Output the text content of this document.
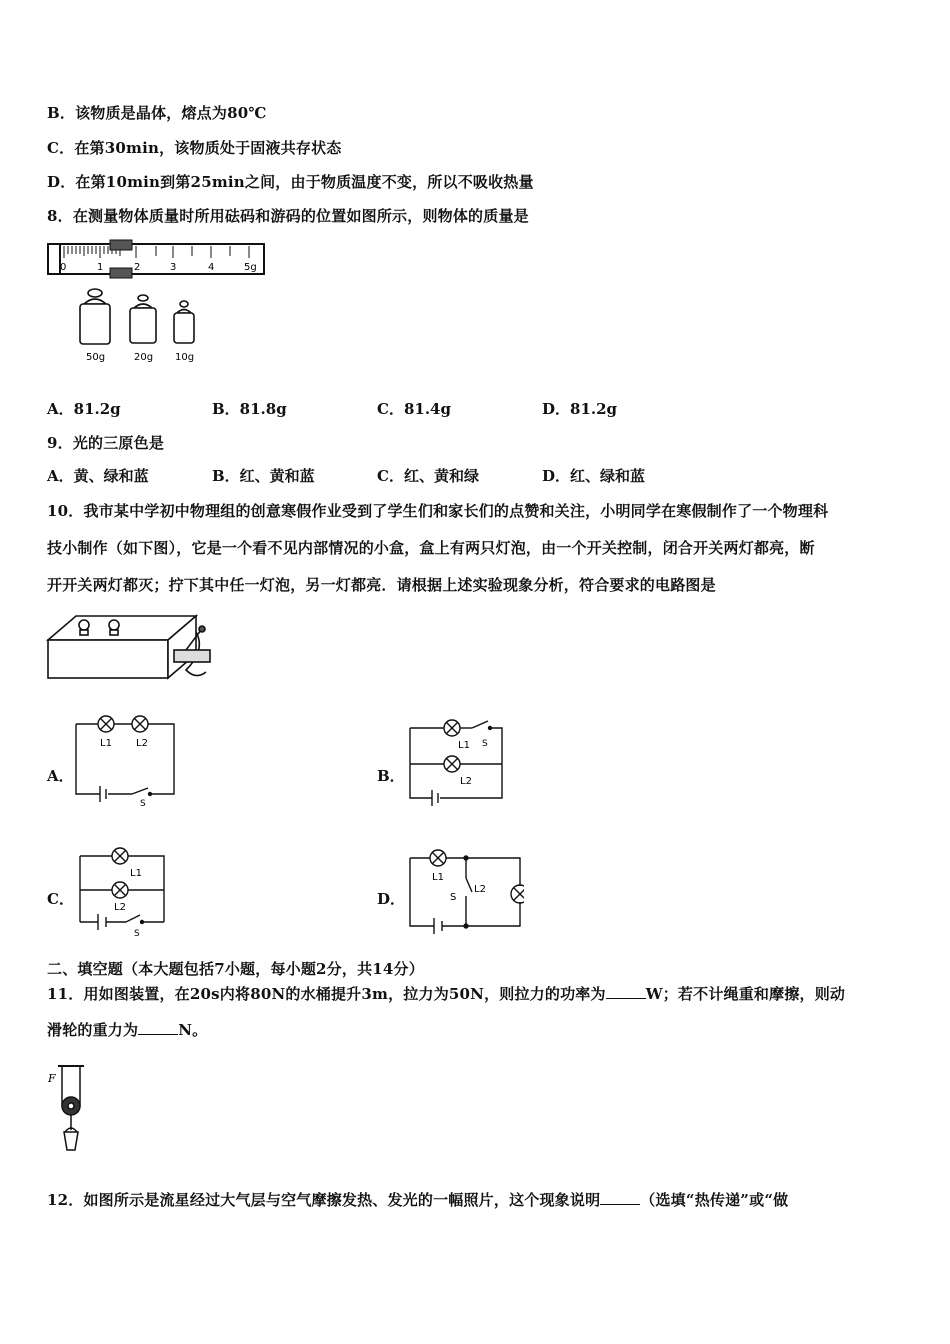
B．该物质是晶体，熔点为80℃
C．在第30min，该物质处于固液共存状态
D．在第10min到第25min之间，由于物质温度不变，所以不吸收热量
8．在测量物体质量时所用砝码和游码的位置如图所示，则物体的质量是
0	1	2	3	4	5g
50g	20g 10g
A．81.2g	B．81.8g	C．81.4g	D．81.2g
9．光的三原色是
A．黄、绿和蓝	B．红、黄和蓝	C．红、黄和绿	D．红、绿和蓝
10．我市某中学初中物理组的创意寒假作业受到了学生们和家长们的点赞和关注，小明同学在寒假制作了一个物理科
技小制作（如下图），它是一个看不见内部情况的小盒，盒上有两只灯泡，由一个开关控制，闭合开关两灯都亮，断
开开关两灯都灭；拧下其中任一灯泡，另一灯都亮．请根据上述实验现象分析，符合要求的电路图是
A．
L1 L2
S
B．
L1 S
L2
C．
L1
L2
S
D．
L1
S
L2
二、填空题（本大题包括7小题，每小题2分，共14分）
11．用如图装置，在20s内将80N的水桶提升3m，拉力为50N，则拉力的功率为	W；若不计绳重和摩擦，则动
滑轮的重力为	N。
F
12．如图所示是流星经过大气层与空气摩擦发热、发光的一幅照片，这个现象说明	（选填“热传递”或“做
